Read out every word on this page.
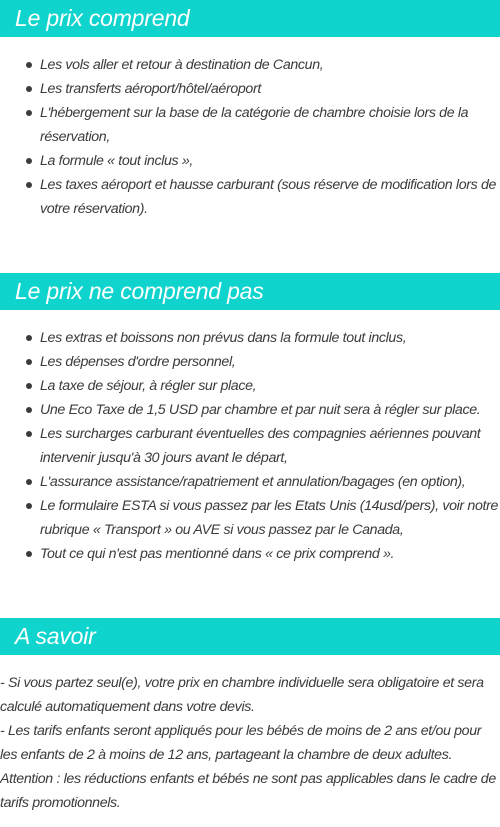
Le prix comprend
Les vols aller et retour à destination de Cancun,
Les transferts aéroport/hôtel/aéroport
L'hébergement sur la base de la catégorie de chambre choisie lors de la réservation,
La formule « tout inclus »,
Les taxes aéroport et hausse carburant (sous réserve de modification lors de votre réservation).
Le prix ne comprend pas
Les extras et boissons non prévus dans la formule tout inclus,
Les dépenses d'ordre personnel,
La taxe de séjour, à régler sur place,
Une Eco Taxe de 1,5 USD par chambre et par nuit sera à régler sur place.
Les surcharges carburant éventuelles des compagnies aériennes pouvant intervenir jusqu'à 30 jours avant le départ,
L'assurance assistance/rapatriement et annulation/bagages (en option),
Le formulaire ESTA si vous passez par les Etats Unis (14usd/pers), voir notre rubrique « Transport » ou AVE si vous passez par le Canada,
Tout ce qui n'est pas mentionné dans « ce prix comprend ».
A savoir

- Si vous partez seul(e), votre prix en chambre individuelle sera obligatoire et sera calculé automatiquement dans votre devis.

- Les tarifs enfants seront appliqués pour les bébés de moins de 2 ans et/ou pour les enfants de 2 à moins de 12 ans, partageant la chambre de deux adultes.

Attention : les réductions enfants et bébés ne sont pas applicables dans le cadre de tarifs promotionnels.
